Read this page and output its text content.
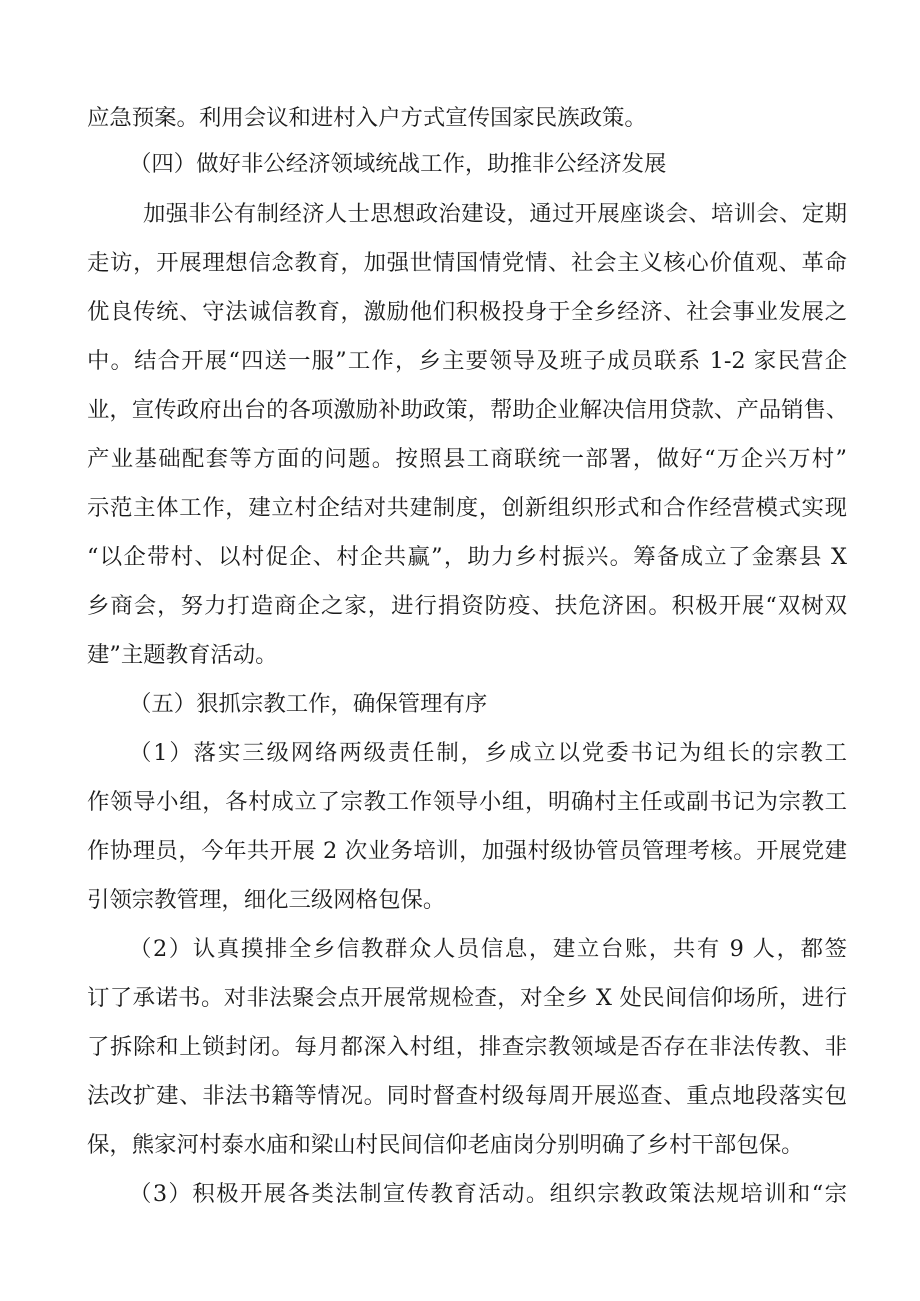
应急预案。利用会议和进村入户方式宣传国家民族政策。
（四）做好非公经济领域统战工作，助推非公经济发展
加强非公有制经济人士思想政治建设，通过开展座谈会、培训会、定期
走访，开展理想信念教育，加强世情国情党情、社会主义核心价值观、革命
优良传统、守法诚信教育，激励他们积极投身于全乡经济、社会事业发展之
中。结合开展“四送一服”工作，乡主要领导及班子成员联系 1-2 家民营企
业，宣传政府出台的各项激励补助政策，帮助企业解决信用贷款、产品销售、
产业基础配套等方面的问题。按照县工商联统一部署，做好“万企兴万村”
示范主体工作，建立村企结对共建制度，创新组织形式和合作经营模式实现
“以企带村、以村促企、村企共赢”，助力乡村振兴。筹备成立了金寨县 X
乡商会，努力打造商企之家，进行捐资防疫、扶危济困。积极开展“双树双
建”主题教育活动。
（五）狠抓宗教工作，确保管理有序
（1）落实三级网络两级责任制，乡成立以党委书记为组长的宗教工
作领导小组，各村成立了宗教工作领导小组，明确村主任或副书记为宗教工
作协理员，今年共开展 2 次业务培训，加强村级协管员管理考核。开展党建
引领宗教管理，细化三级网格包保。
（2）认真摸排全乡信教群众人员信息，建立台账，共有 9 人，都签
订了承诺书。对非法聚会点开展常规检查，对全乡 X 处民间信仰场所，进行
了拆除和上锁封闭。每月都深入村组，排查宗教领域是否存在非法传教、非
法改扩建、非法书籍等情况。同时督查村级每周开展巡查、重点地段落实包
保，熊家河村泰水庙和梁山村民间信仰老庙岗分别明确了乡村干部包保。
（3）积极开展各类法制宣传教育活动。组织宗教政策法规培训和“宗
